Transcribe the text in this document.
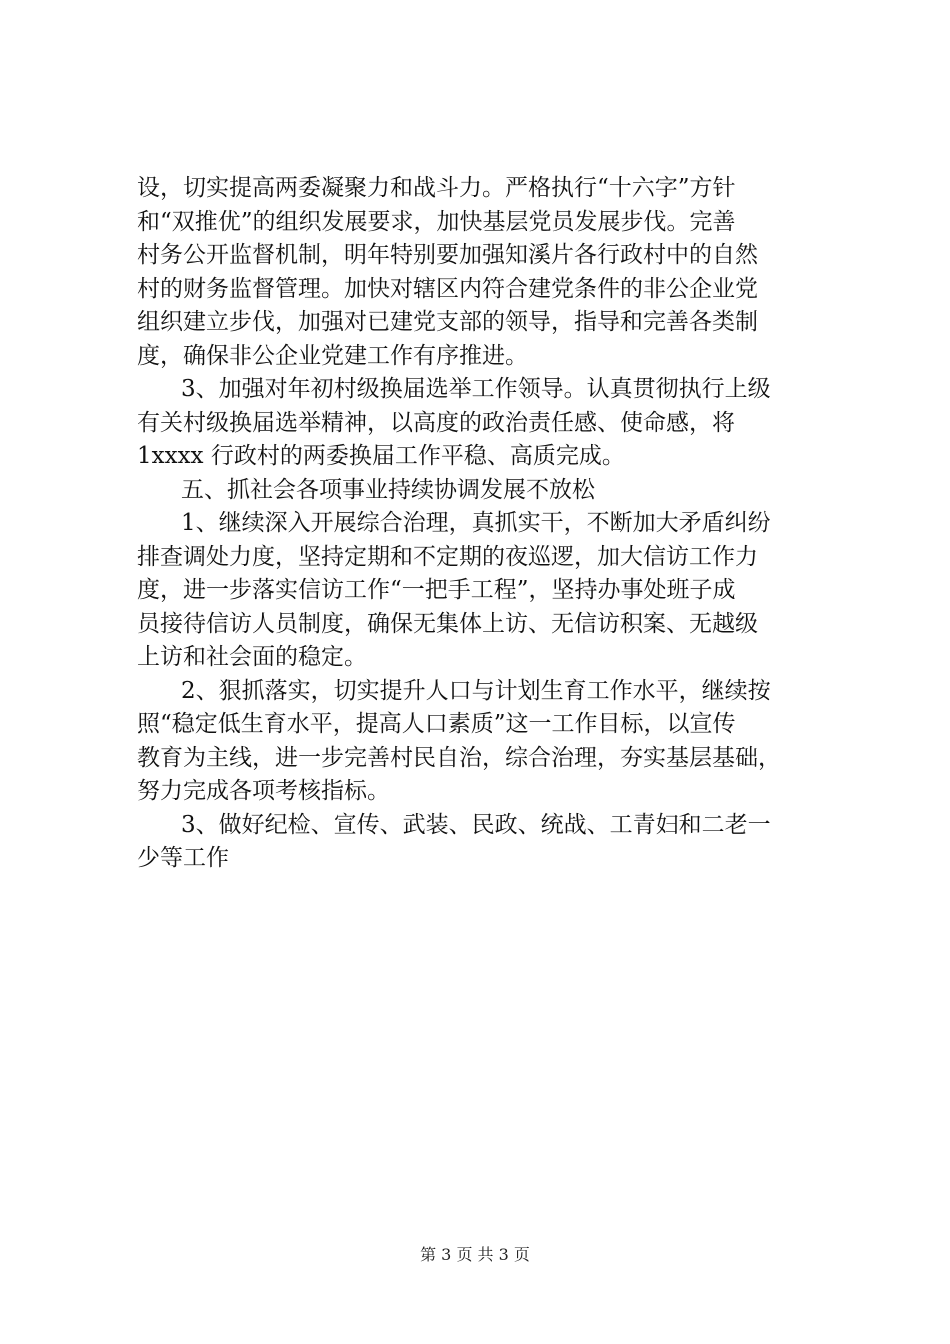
设，切实提高两委凝聚力和战斗力。严格执行“十六字”方针
和“双推优”的组织发展要求，加快基层党员发展步伐。完善
村务公开监督机制，明年特别要加强知溪片各行政村中的自然
村的财务监督管理。加快对辖区内符合建党条件的非公企业党
组织建立步伐，加强对已建党支部的领导，指导和完善各类制
度，确保非公企业党建工作有序推进。
3、加强对年初村级换届选举工作领导。认真贯彻执行上级
有关村级换届选举精神，以高度的政治责任感、使命感，将
1xxxx 行政村的两委换届工作平稳、高质完成。
五、抓社会各项事业持续协调发展不放松
1、继续深入开展综合治理，真抓实干，不断加大矛盾纠纷
排查调处力度，坚持定期和不定期的夜巡逻，加大信访工作力
度，进一步落实信访工作“一把手工程”，坚持办事处班子成
员接待信访人员制度，确保无集体上访、无信访积案、无越级
上访和社会面的稳定。
2、狠抓落实，切实提升人口与计划生育工作水平，继续按
照“稳定低生育水平，提高人口素质”这一工作目标，以宣传
教育为主线，进一步完善村民自治，综合治理，夯实基层基础，
努力完成各项考核指标。
3、做好纪检、宣传、武装、民政、统战、工青妇和二老一
少等工作
第 3 页 共 3 页
